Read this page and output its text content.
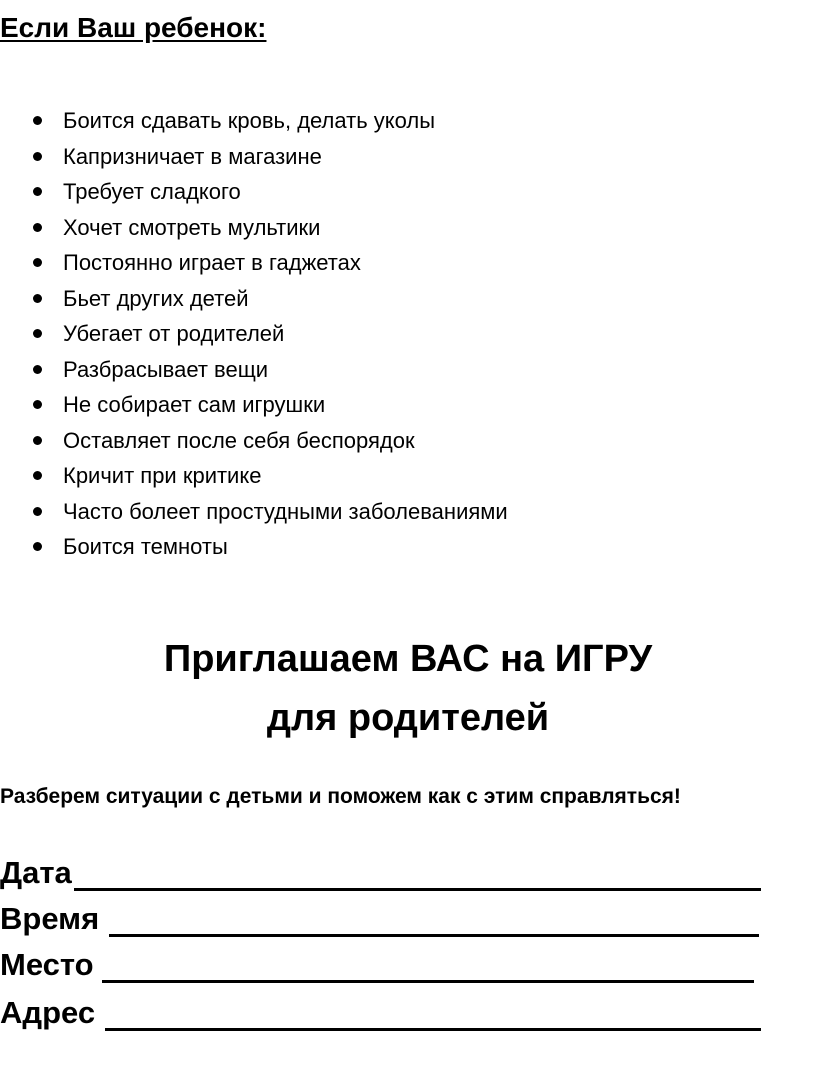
Если Ваш ребенок:
Боится сдавать кровь, делать уколы
Капризничает в магазине
Требует сладкого
Хочет смотреть мультики
Постоянно играет в гаджетах
Бьет других детей
Убегает от родителей
Разбрасывает вещи
Не собирает сам игрушки
Оставляет после себя беспорядок
Кричит при критике
Часто болеет простудными заболеваниями
Боится темноты
Приглашаем ВАС на ИГРУ
для родителей
Разберем ситуации с детьми и поможем как с этим справляться!
Дата
Время
Место
Адрес
